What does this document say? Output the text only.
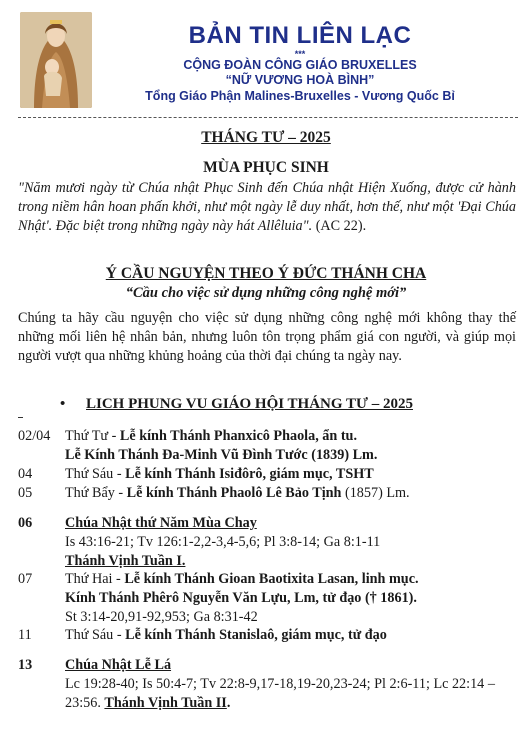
BẢN TIN LIÊN LẠC
***
CỘNG ĐOÀN CÔNG GIÁO BRUXELLES
“NỮ VƯƠNG HOÀ BÌNH”
Tổng Giáo Phận Malines-Bruxelles - Vương Quốc Bỉ
THÁNG TƯ – 2025
MÙA PHỤC SINH
"Năm mươi ngày từ Chúa nhật Phục Sinh đến Chúa nhật Hiện Xuống, được cử hành trong niềm hân hoan phấn khởi, như một ngày lễ duy nhất, hơn thế, như một 'Đại Chúa Nhật'. Đặc biệt trong những ngày này hát Allêluia". (AC 22).
Ý CẦU NGUYỆN THEO Ý ĐỨC THÁNH CHA
“Cầu cho việc sử dụng những công nghệ mới”
Chúng ta hãy cầu nguyện cho việc sử dụng những công nghệ mới không thay thế những mối liên hệ nhân bản, nhưng luôn tôn trọng phẩm giá con người, và giúp mọi người vượt qua những khủng hoảng của thời đại chúng ta ngày nay.
• LICH PHUNG VU GIÁO HỘI THÁNG TƯ – 2025
02/04	Thứ Tư - Lễ kính Thánh Phanxicô Phaola, ẩn tu.
Lễ Kính Thánh Đa-Minh Vũ Đình Tước (1839) Lm.
04	Thứ Sáu - Lễ kính Thánh Isiđôrô, giám mục, TSHT
05	Thứ Bẩy - Lễ kính Thánh Phaolô Lê Bảo Tịnh (1857) Lm.
06	Chúa Nhật thứ Năm Mùa Chay
Is 43:16-21; Tv 126:1-2,2-3,4-5,6; Pl 3:8-14; Ga 8:1-11
Thánh Vịnh Tuần I.
07	Thứ Hai - Lễ kính Thánh Gioan Baotixita Lasan, linh mục.
Kính Thánh Phêrô Nguyễn Văn Lựu, Lm, tử đạo († 1861).
St 3:14-20,91-92,953; Ga 8:31-42
11	Thứ Sáu - Lễ kính Thánh Stanislaô, giám mục, tử đạo
13	Chúa Nhật Lễ Lá
Lc 19:28-40; Is 50:4-7; Tv 22:8-9,17-18,19-20,23-24; Pl 2:6-11; Lc 22:14 – 23:56. Thánh Vịnh Tuần II.
